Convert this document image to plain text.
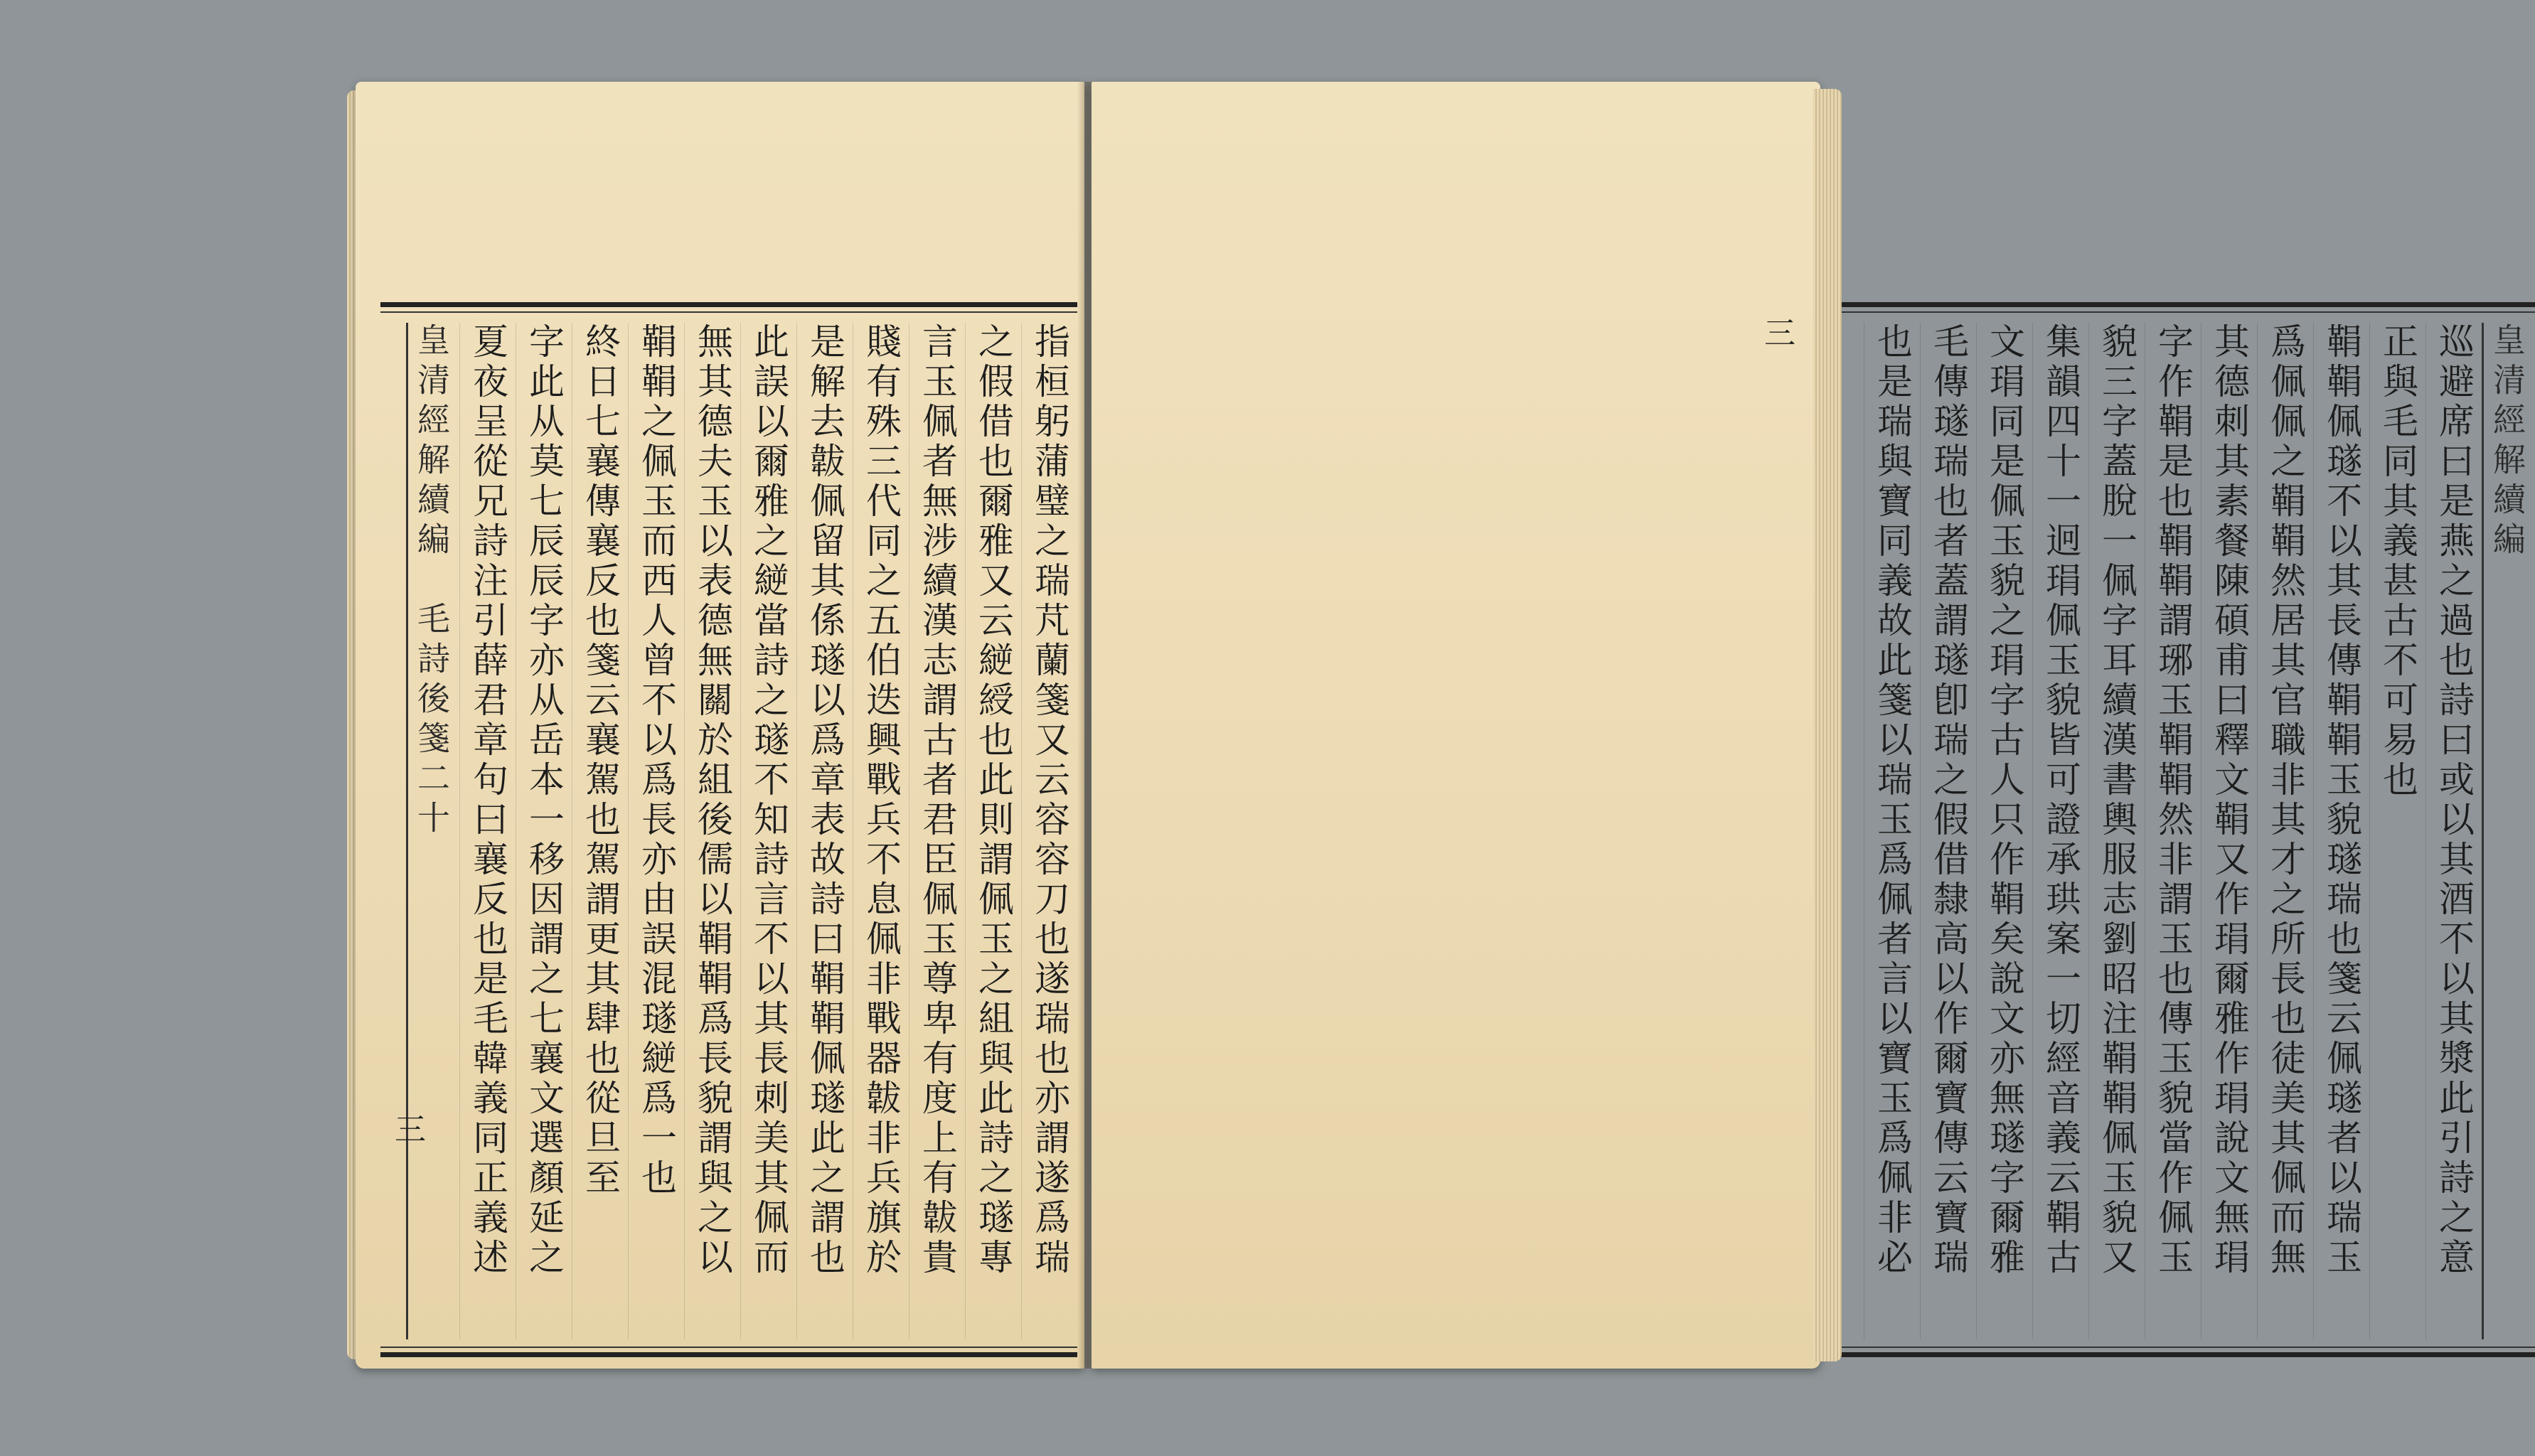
指桓躬蒲璧之瑞芃蘭箋又云容容刀也遂瑞也亦謂遂爲瑞
之假借也爾雅又云縌綬也此則謂佩玉之組與此詩之璲專
言玉佩者無涉續漢志謂古者君臣佩玉尊卑有度上有韍貴
賤有殊三代同之五伯迭興戰兵不息佩非戰器韍非兵旗於
是解去韍佩留其係璲以爲章表故詩曰鞙鞙佩璲此之謂也
此誤以爾雅之縌當詩之璲不知詩言不以其長刺美其佩而
無其德夫玉以表德無關於組後儒以鞙鞙爲長貌謂與之以
鞙鞙之佩玉而西人曾不以爲長亦由誤混璲縌爲一也
終日七襄傳襄反也箋云襄駕也駕謂更其肆也從旦至
字此从莫七辰辰字亦从岳本一移因謂之七襄文選顏延之
夏夜呈從兄詩注引薛君章句曰襄反也是毛韓義同正義述
皇清經解續編　毛詩後箋二十
三
皇清經解續編
巡避席曰是燕之過也詩曰或以其酒不以其漿此引詩之意
正與毛同其義甚古不可易也
鞙鞙佩璲不以其長傳鞙鞙玉貌璲瑞也箋云佩璲者以瑞玉
爲佩佩之鞙鞙然居其官職非其才之所長也徒美其佩而無
其德刺其素餐陳碩甫曰釋文鞙又作琄爾雅作琄說文無琄
字作鞙是也鞙鞙謂琊玉鞙鞙然非謂玉也傳玉貌當作佩玉
貌三字蓋脫一佩字耳續漢書輿服志劉昭注鞙鞙佩玉貌又
集韻四十一迥琄佩玉貌皆可證承珙案一切經音義云鞙古
文琄同是佩玉貌之琄字古人只作鞙矣說文亦無璲字爾雅
毛傳璲瑞也者蓋謂璲卽瑞之假借隸高以作爾寶傳云寶瑞
也是瑞與寶同義故此箋以瑞玉爲佩者言以寶玉爲佩非必
三
